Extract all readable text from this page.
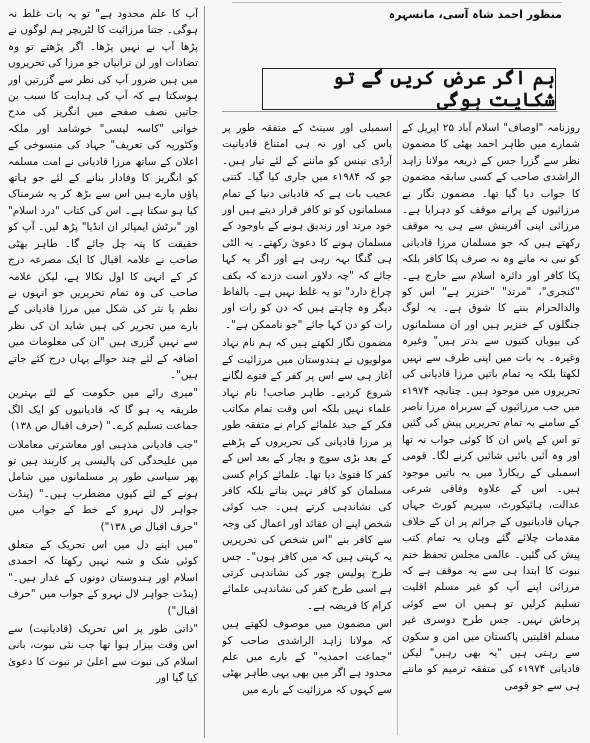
منظور احمد شاہ آسی، مانسہرہ
ہم اگر عرض کریں گے تو شکایت ہوگی

روزنامہ "اوصاف" اسلام آباد ۲۵ اپریل کے شمارے میں طاہر احمد بھٹی کا مضمون نظر سے گزرا جس کے ذریعہ مولانا زاہد الراشدی صاحب کے کسی سابقہ مضمون کا جواب دیا گیا تھا۔ مضمون نگار نے مرزائیوں کے پرانے موقف کو دہرایا ہے۔ مرزائی اپنی آفرینش سے ہی یہ موقف رکھتے ہیں کہ جو مسلمان مرزا قادیانی کو نبی نہ مانے وہ نہ صرف پکا کافر بلکہ پکا کافر اور دائرہ اسلام سے خارج ہے۔ "کنجری"، "مرتد" "خنزیر ہے" اس کو والدالحرام بننے کا شوق ہے۔ یہ لوگ جنگلوں کے خنزیر ہیں اور ان مسلمانوں کی بیویاں کتیوں سے بدتر ہیں" وغیرہ وغیرہ۔ یہ بات میں اپنی طرف سے نہیں لکھتا بلکہ یہ تمام باتیں مرزا قادیانی کی تحریروں میں موجود ہیں۔ چنانچہ ۱۹۷۴ء میں جب مرزائیوں کے سربراہ مرزا ناصر کے سامنے یہ تمام تحریریں پیش کی گئیں تو اس کے پاس ان کا کوئی جواب نہ تھا اور وہ آئیں بائیں شائیں کرنے لگا۔ قومی اسمبلی کے ریکارڈ میں یہ باتیں موجود ہیں۔ اس کے علاوہ وفاقی شرعی عدالت، ہائیکورٹ، سپریم کورٹ جہاں جہاں قادیانیوں کے جرائم پر ان کے خلاف مقدمات چلائے گئے وہاں یہ تمام کتب پیش کی گئیں۔ عالمی مجلس تحفظ ختم نبوت کا ابتدا ہی سے یہ موقف ہے کہ مرزائی اپنے آپ کو غیر مسلم اقلیت تسلیم کرلیں تو ہمیں ان سے کوئی پرخاش نہیں۔ جس طرح دوسری غیر مسلم اقلیتیں پاکستان میں امن و سکون سے رہتی ہیں "یہ بھی رہیں" لیکن قادیانی ۱۹۷۴ء کی متفقہ ترمیم کو ماننے ہی سے جو قومی

اسمبلی اور سینٹ کے متفقہ طور پر پاس کی اور نہ ہی امتناع قادیانیت آرڈی نینس کو ماننے کے لئے تیار ہیں۔ جو کہ ۱۹۸۴ء میں جاری کیا گیا۔ کتنی عجیب بات ہے کہ قادیانی دنیا کے تمام مسلمانوں کو تو کافر قرار دیتے ہیں اور خود مرتد اور زندیق ہونے کے باوجود کے مسلمان ہونے کا دعویٰ رکھتے۔ یہ الٹی ہی گنگا بہہ رہی ہے اور اگر یہ کہا جائے کہ "چہ دلاور است دزدے کہ بکف چراغ دارد" تو یہ غلط نہیں ہے۔ بالفاظ دیگر وہ چاہتے ہیں کہ دن کو رات اور رات کو دن کہا جائے "جو ناممکن ہے"۔

مضمون نگار لکھتے ہیں کہ ہم نام نہاد مولویوں نے ہندوستان میں مرزائیت کے آغاز ہی سے اس پر کفر کے فتوے لگانے شروع کردیے۔ طاہر صاحب! نام نہاد علماء نہیں بلکہ اس وقت تمام مکاتب فکر کے جید علمائے کرام نے متفقہ طور پر مرزا قادیانی کی تحریروں کے پڑھنے کے بعد بڑی سوچ و بچار کے بعد اس کے کفر کا فتویٰ دیا تھا۔ علمائے کرام کسی مسلمان کو کافر نہیں بناتے بلکہ کافر کی نشاندہی کرتے ہیں۔ جب کوئی شخص اپنے ان عقائد اور اعمال کی وجہ سے کافر بنے "اس شخص کی تحریریں یہ کہتی ہیں کہ میں کافر ہوں"۔ جس طرح پولیس چور کی نشاندہی کرتی ہے اسی طرح کفر کی نشاندہی علمائے کرام کا فریضہ ہے۔

اس مضمون میں موصوف لکھتے ہیں کہ مولانا زاہد الراشدی صاحب کو "جماعت احمدیہ" کے بارے میں علم محدود ہے اگر میں بھی یہی طاہر بھٹی سے کہوں کہ مرزائیت کے بارے میں

آپ کا علم محدود ہے" تو یہ بات غلط نہ ہوگی۔ جتنا مرزائیت کا لٹریچر ہم لوگوں نے پڑھا آپ نے نہیں پڑھا۔ اگر پڑھتے تو وہ تضادات اور لن ترانیاں جو مرزا کی تحریروں میں ہیں ضرور آپ کی نظر سے گزرتیں اور ہوسکتا ہے کہ آپ کی ہدایت کا سبب بن جاتیں نصف صفحے میں انگریز کی مدح خوانی "کاسہ لیسی" خوشامد اور ملکہ وکٹوریہ کی تعریف" جہاد کی منسوخی کے اعلان کے ساتھ مرزا قادیانی نے امت مسلمہ کو انگریز کا وفادار بنانے کے لئے جو ہاتھ پاؤں مارے ہیں اس سے بڑھ کر یہ شرمناک کیا ہو سکتا ہے۔ اس کی کتاب "درد اسلام" اور "برٹش ایمپائر ان انڈیا" پڑھ لیں۔ آپ کو حقیقت کا پتہ چل جائے گا۔ طاہر بھٹی صاحب نے علامہ اقبال کا ایک مصرعہ درج کر کے انہی کا اول نکالا ہے، لیکن علامہ صاحب کی وہ تمام تحریریں جو انہوں نے نظم یا نثر کی شکل میں مرزا قادیانی کے بارے میں تحریر کی ہیں شاید ان کی نظر سے نہیں گزری ہیں "ان کی معلومات میں اضافہ کے لئے چند حوالے یہاں درج کئے جاتے ہیں"۔

"میری رائے میں حکومت کے لئے بہترین طریقہ یہ ہو گا کہ قادیانیوں کو ایک الگ جماعت تسلیم کرے۔" (حرف اقبال ص ۱۳۸)

"جب قادیانی مذہبی اور معاشرتی معاملات میں علیحدگی کی پالیسی پر کاربند ہیں تو پھر سیاسی طور پر مسلمانوں میں شامل ہونے کے لئے کیوں مضطرب ہیں۔" (پنڈت جواہر لال نہرو کے خط کے جواب میں "حرف اقبال ص ۱۳۸")

"میں اپنے دل میں اس تحریک کے متعلق کوئی شک و شبہ نہیں رکھتا کہ احمدی اسلام اور ہندوستان دونوں کے غدار ہیں۔" (پنڈت جواہر لال نہرو کے جواب میں "حرف اقبال")

"ذاتی طور پر اس تحریک (قادیانیت) سے اس وقت بیزار ہوا تھا جب نئی نبوت، بانی اسلام کی نبوت سے اعلیٰ تر نبوت کا دعویٰ کیا گیا اور
